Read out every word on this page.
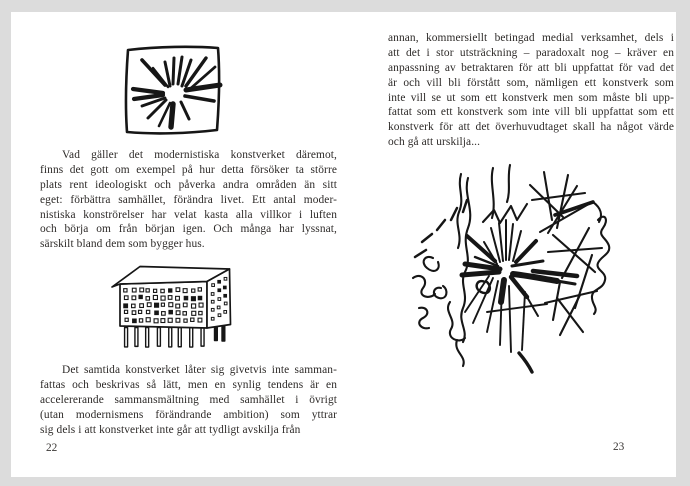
Vad gäller det modernistiska konstverket däremot,
finns det gott om exempel på hur detta försöker ta större
plats rent ideologiskt och påverka andra områden än sitt
eget: förbättra samhället, förändra livet. Ett antal moder-
nistiska konströrelser har velat kasta alla villkor i luften
och börja om från början igen. Och många har lyssnat,
särskilt bland dem som bygger hus.
Det samtida konstverket låter sig givetvis inte samman-
fattas och beskrivas så lätt, men en synlig tendens är en
accelererande sammansmältning med samhället i övrigt
(utan modernismens förändrande ambition) som yttrar
sig dels i att konstverket inte går att tydligt avskilja från
22
annan, kommersiellt betingad medial verksamhet, dels i
att det i stor utsträckning – paradoxalt nog – kräver en
anpassning av betraktaren för att bli uppfattat för vad det
är och vill bli förstått som, nämligen ett konstverk som
inte vill se ut som ett konstverk men som måste bli upp-
fattat som ett konstverk som inte vill bli uppfattat som ett
konstverk för att det överhuvudtaget skall ha något värde
och gå att urskilja...
23
